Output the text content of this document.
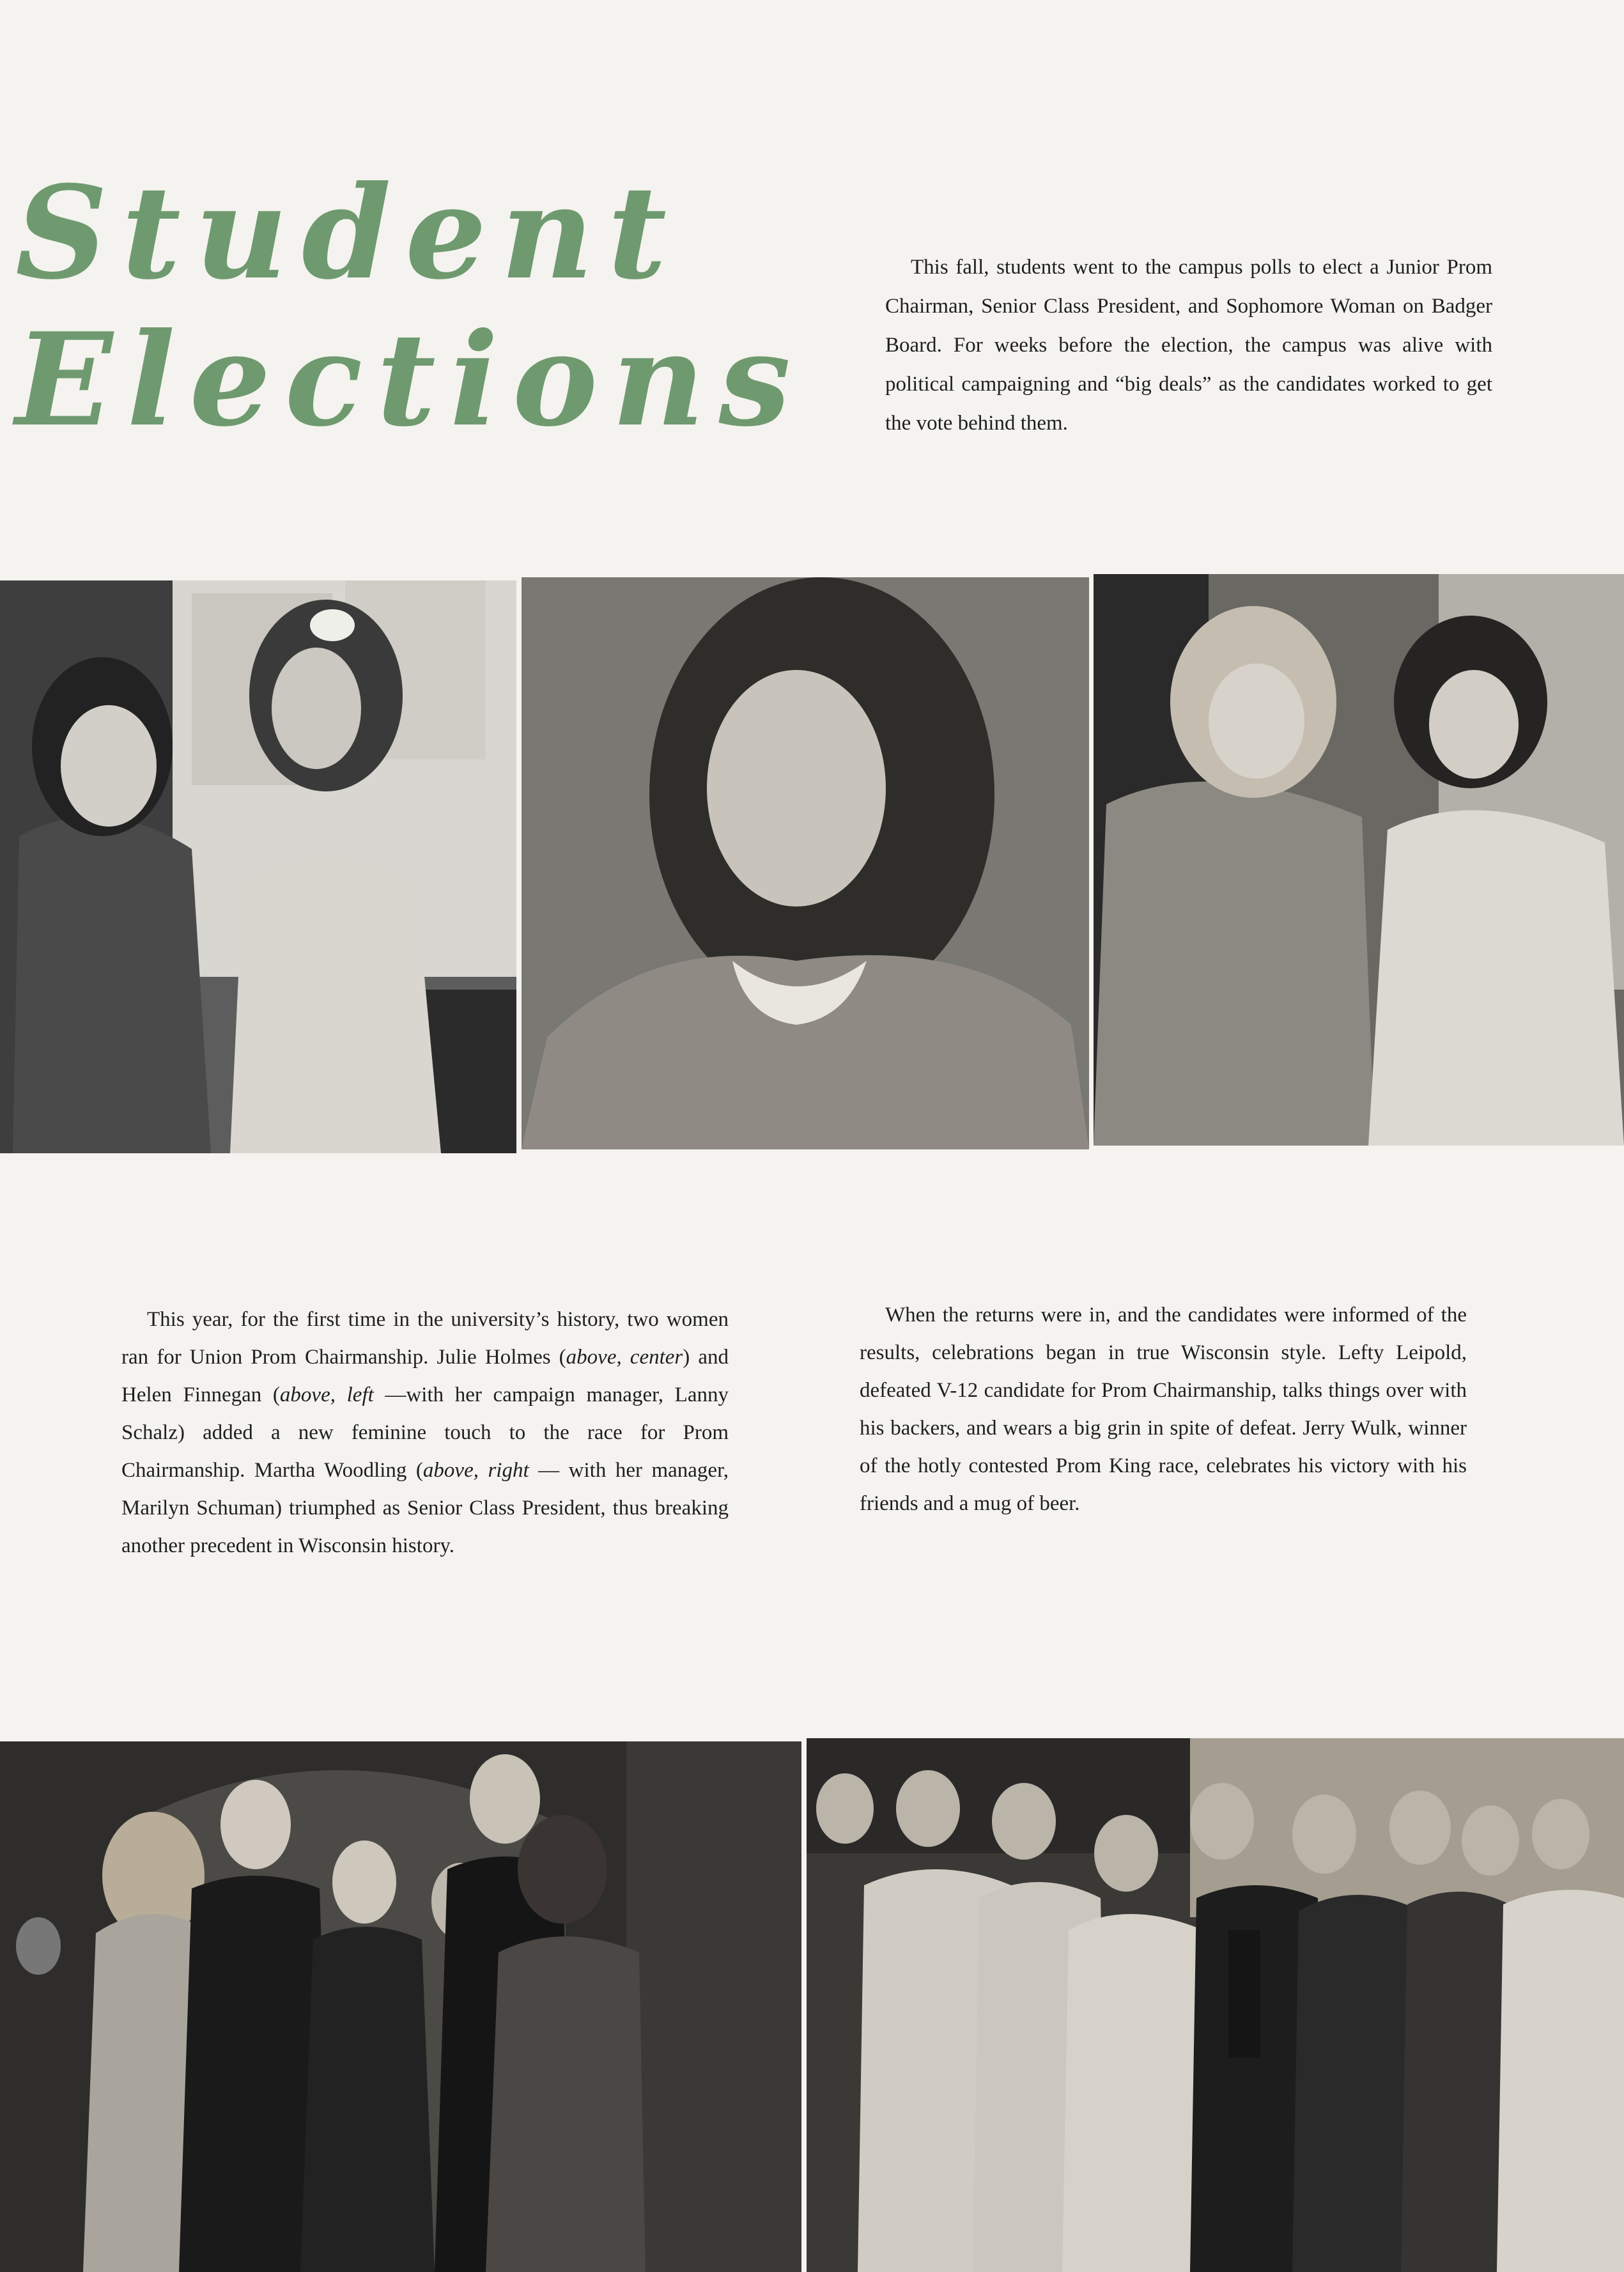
Student
Elections

This fall, students went to the campus polls to elect a Junior Prom Chairman, Senior Class President, and Sophomore Woman on Badger Board. For weeks before the election, the campus was alive with political campaigning and “big deals” as the candidates worked to get the vote behind them.

This year, for the first time in the university’s history, two women ran for Union Prom Chairmanship. Julie Holmes (above, center) and Helen Finnegan (above, left —with her campaign manager, Lanny Schalz) added a new feminine touch to the race for Prom Chairmanship. Martha Woodling (above, right — with her manager, Marilyn Schuman) triumphed as Senior Class President, thus breaking another precedent in Wisconsin history.

When the returns were in, and the candidates were informed of the results, celebrations began in true Wisconsin style. Lefty Leipold, defeated V-12 candidate for Prom Chairmanship, talks things over with his backers, and wears a big grin in spite of defeat. Jerry Wulk, winner of the hotly contested Prom King race, celebrates his victory with his friends and a mug of beer.
